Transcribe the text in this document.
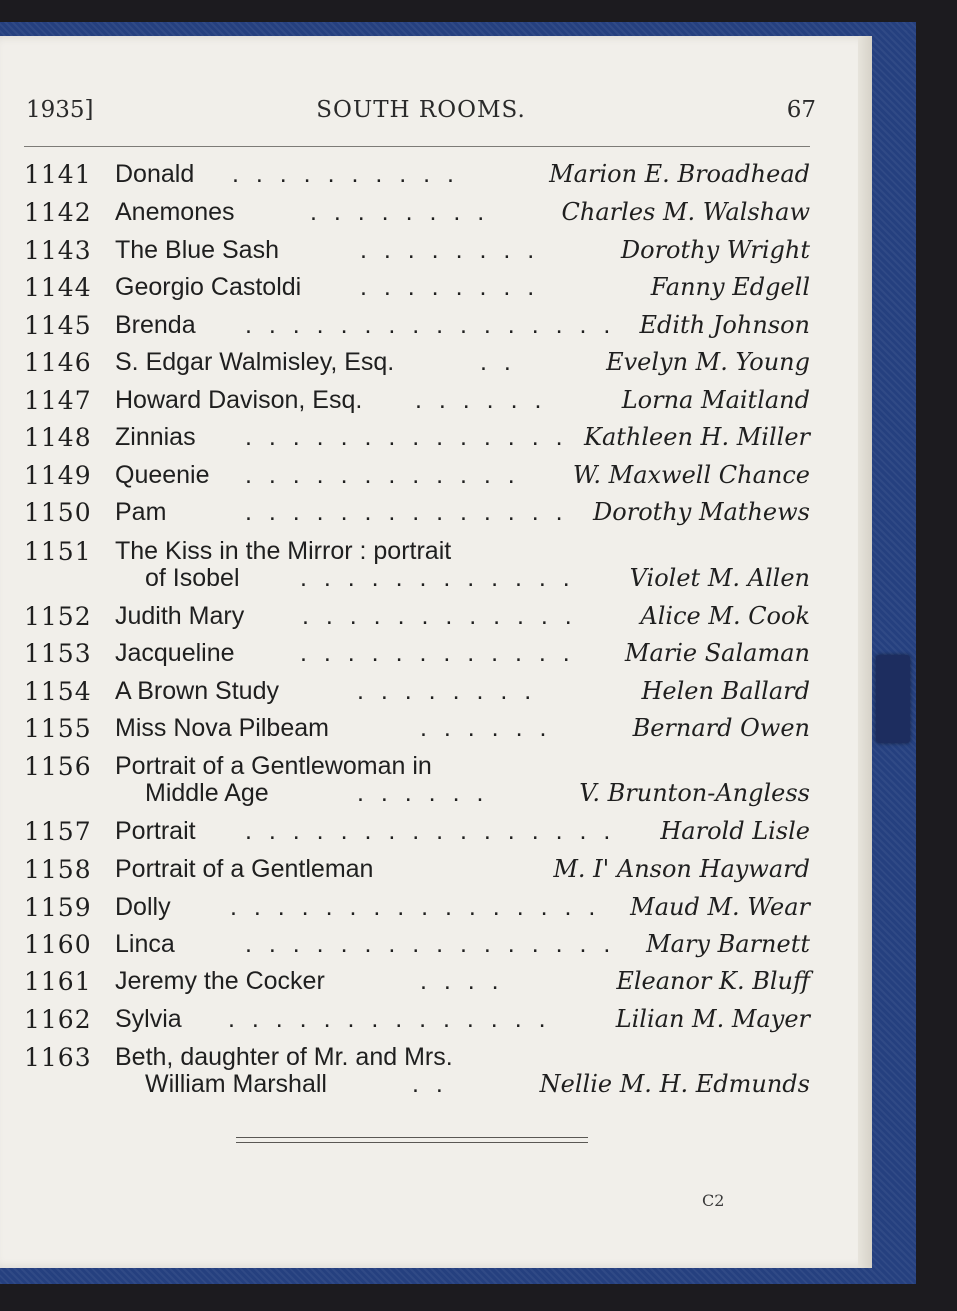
1935]	SOUTH ROOMS.	67
1141 Donald . . . . . . . . . .	Marion E. Broadhead
1142 Anemones	. . . . . . . .	Charles M. Walshaw
1143 The Blue Sash	. . . . . . . .	Dorothy Wright
1144 Georgio Castoldi . . . . . . . .	Fanny Edgell
1145 Brenda . . . . . . . . . . . . . . . . Edith Johnson
1146 S. Edgar Walmisley, Esq.	. .	Evelyn M. Young
1147 Howard Davison, Esq. . . . . . .	Lorna Maitland
1148 Zinnias . . . . . . . . . . . . . . Kathleen H. Miller
1149 Queenie . . . . . . . . . . . . W. Maxwell Chance
1150 Pam	. . . . . . . . . . . . . . Dorothy Mathews
1151 The Kiss in the Mirror : portrait
of Isobel . . . . . . . . . . . . Violet M. Allen
1152 Judith Mary . . . . . . . . . . . .	Alice M. Cook
1153 Jacqueline	. . . . . . . . . . . . Marie Salaman
1154 A Brown Study	. . . . . . . .	Helen Ballard
1155 Miss Nova Pilbeam	. . . . . .	Bernard Owen
1156 Portrait of a Gentlewoman in
Middle Age	. . . . . .	V. Brunton-Angless
1157 Portrait . . . . . . . . . . . . . . . . Harold Lisle
1158 Portrait of a Gentleman	M. I' Anson Hayward
1159 Dolly . . . . . . . . . . . . . . . . Maud M. Wear
1160 Linca	. . . . . . . . . . . . . . . . Mary Barnett
1161 Jeremy the Cocker	. . . .	Eleanor K. Bluff
1162 Sylvia . . . . . . . . . . . . . .	Lilian M. Mayer
1163 Beth, daughter of Mr. and Mrs.
William Marshall	. .	Nellie M. H. Edmunds
C2
